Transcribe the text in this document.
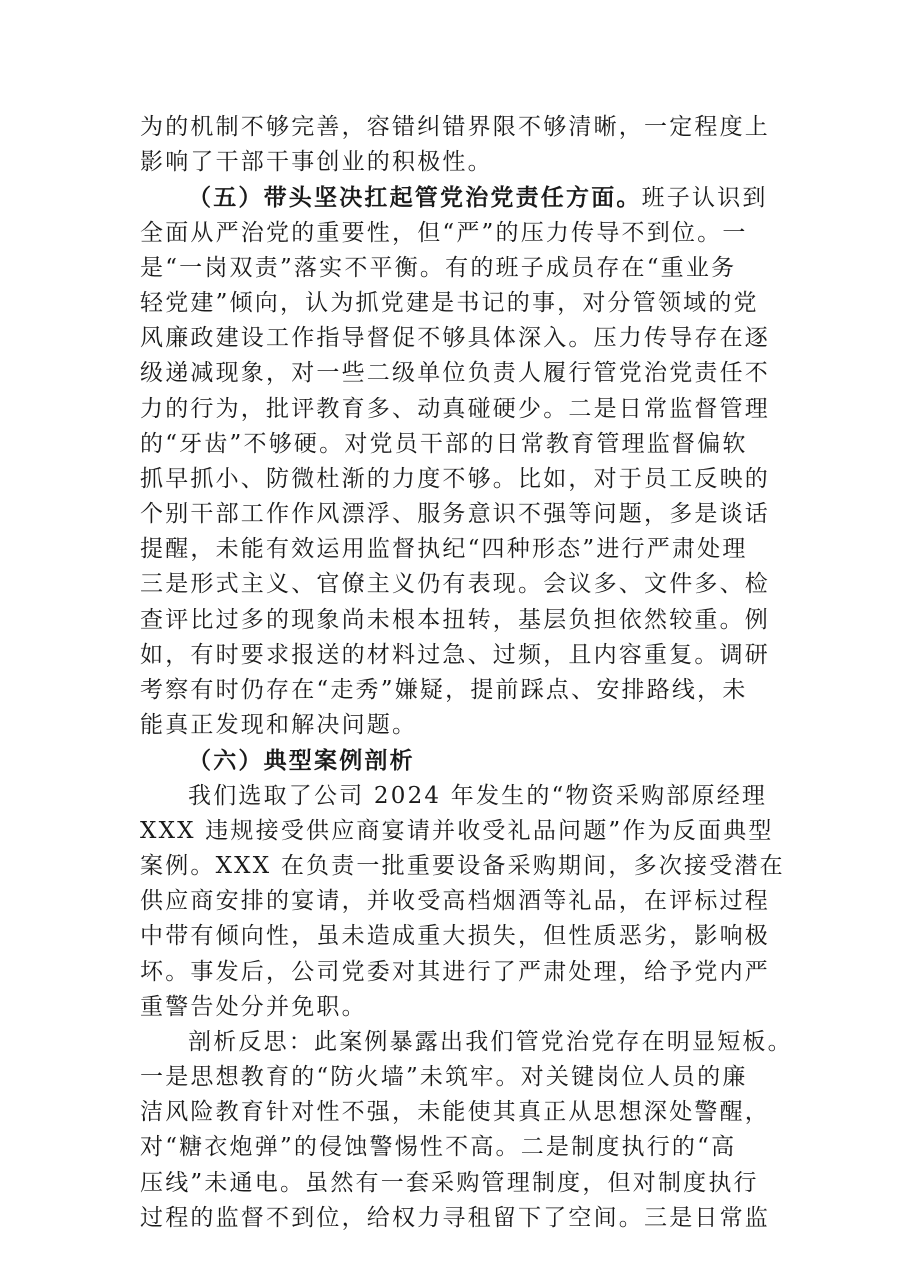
为的机制不够完善，容错纠错界限不够清晰，一定程度上
影响了干部干事创业的积极性。
（五）带头坚决扛起管党治党责任方面。班子认识到
全面从严治党的重要性，但“严”的压力传导不到位。一
是“一岗双责”落实不平衡。有的班子成员存在“重业务
轻党建”倾向，认为抓党建是书记的事，对分管领域的党
风廉政建设工作指导督促不够具体深入。压力传导存在逐
级递减现象，对一些二级单位负责人履行管党治党责任不
力的行为，批评教育多、动真碰硬少。二是日常监督管理
的“牙齿”不够硬。对党员干部的日常教育管理监督偏软
抓早抓小、防微杜渐的力度不够。比如，对于员工反映的
个别干部工作作风漂浮、服务意识不强等问题，多是谈话
提醒，未能有效运用监督执纪“四种形态”进行严肃处理
三是形式主义、官僚主义仍有表现。会议多、文件多、检
查评比过多的现象尚未根本扭转，基层负担依然较重。例
如，有时要求报送的材料过急、过频，且内容重复。调研
考察有时仍存在“走秀”嫌疑，提前踩点、安排路线，未
能真正发现和解决问题。
（六）典型案例剖析
我们选取了公司 2024 年发生的“物资采购部原经理
XXX 违规接受供应商宴请并收受礼品问题”作为反面典型
案例。XXX 在负责一批重要设备采购期间，多次接受潜在
供应商安排的宴请，并收受高档烟酒等礼品，在评标过程
中带有倾向性，虽未造成重大损失，但性质恶劣，影响极
坏。事发后，公司党委对其进行了严肃处理，给予党内严
重警告处分并免职。
剖析反思：此案例暴露出我们管党治党存在明显短板。
一是思想教育的“防火墙”未筑牢。对关键岗位人员的廉
洁风险教育针对性不强，未能使其真正从思想深处警醒，
对“糖衣炮弹”的侵蚀警惕性不高。二是制度执行的“高
压线”未通电。虽然有一套采购管理制度，但对制度执行
过程的监督不到位，给权力寻租留下了空间。三是日常监
